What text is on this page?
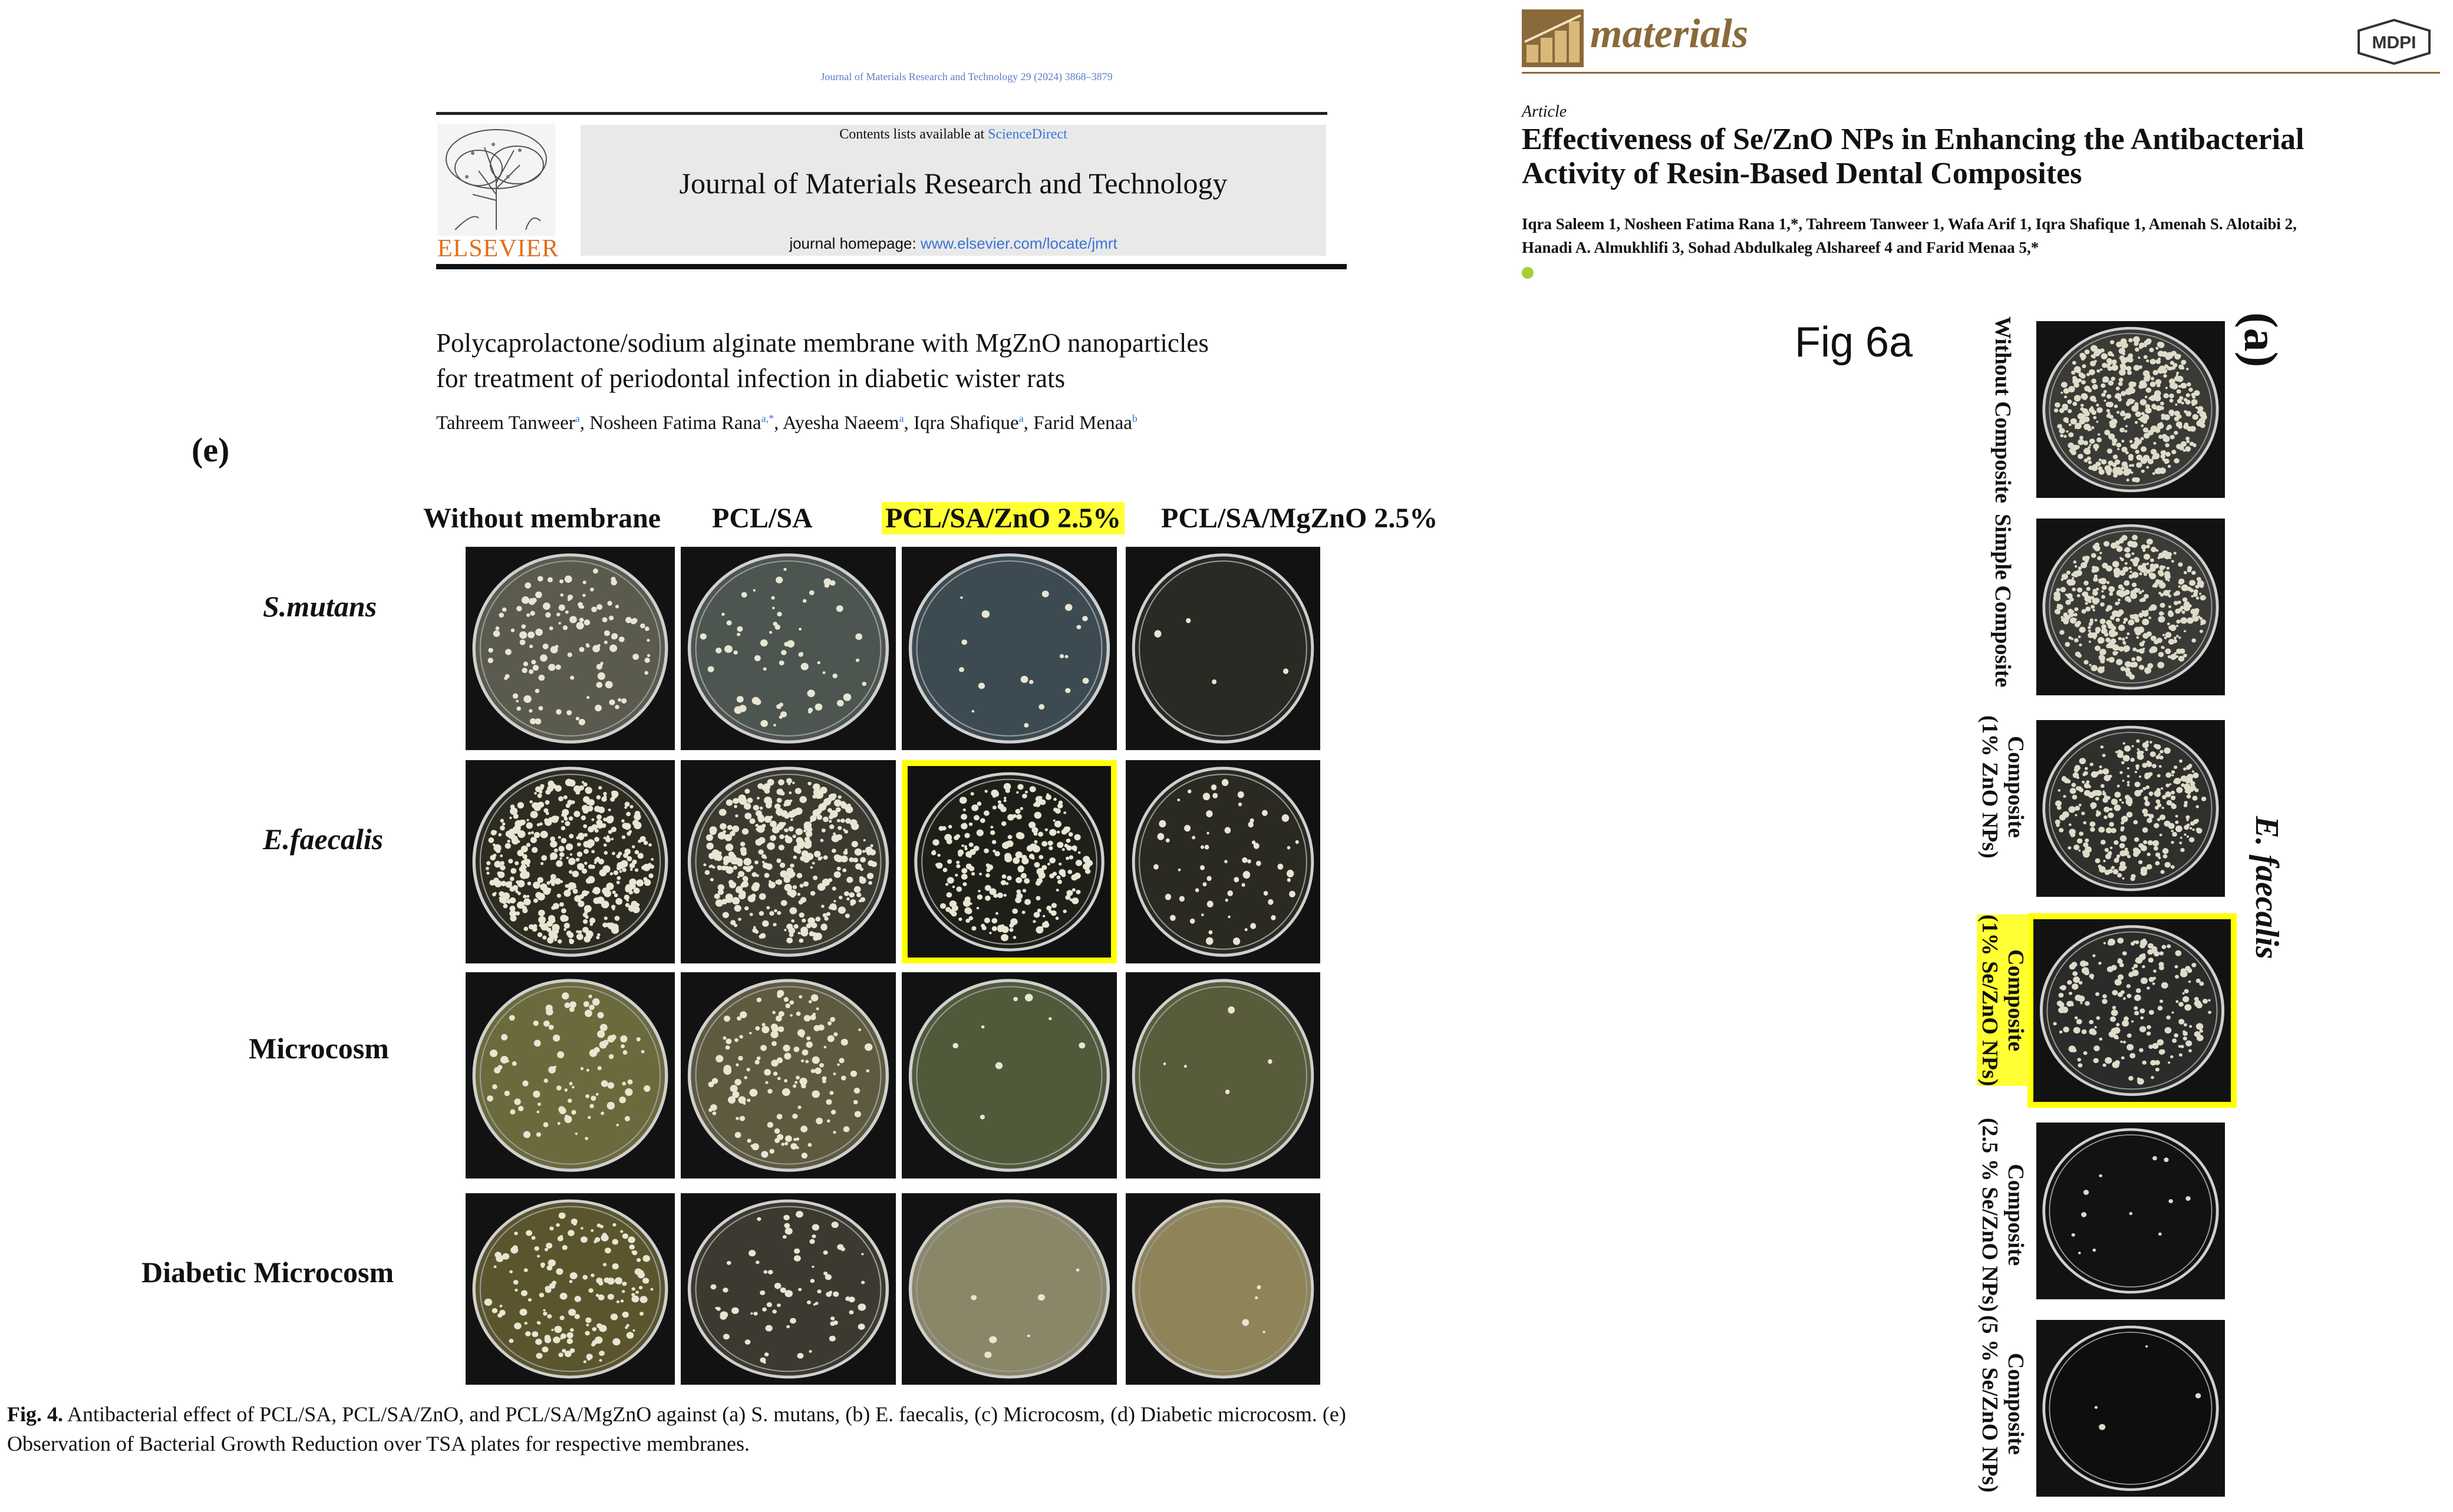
Journal of Materials Research and Technology 29 (2024) 3868–3879
ELSEVIER
Contents lists available at ScienceDirect
Journal of Materials Research and Technology
journal homepage: www.elsevier.com/locate/jmrt
Polycaprolactone/sodium alginate membrane with MgZnO nanoparticles
for treatment of periodontal infection in diabetic wister rats
Tahreem Tanweer$^a$, Nosheen Fatima Rana$^{a,*}$, Ayesha Naeem$^a$, Iqra Shafique$^a$, Farid Menaa$^b$
(e)
Without membrane PCL/SA	PCL/SA/ZnO 2.5% PCL/SA/MgZnO 2.5%
S.mutans
E.faecalis
Microcosm
Diabetic Microcosm
Fig. 4. Antibacterial effect of PCL/SA, PCL/SA/ZnO, and PCL/SA/MgZnO against (a) S. mutans, (b) E. faecalis, (c) Microcosm, (d) Diabetic microcosm. (e)
Observation of Bacterial Growth Reduction over TSA plates for respective membranes.
materials	MDPI
Article
Effectiveness of Se/ZnO NPs in Enhancing the Antibacterial
Activity of Resin-Based Dental Composites
Iqra Saleem 1, Nosheen Fatima Rana 1,*, Tahreem Tanweer 1, Wafa Arif 1, Iqra Shafique 1, Amenah S. Alotaibi 2,
Hanadi A. Almukhlifi 3, Sohad Abdulkaleg Alshareef 4 and Farid Menaa 5,*
Fig 6a	(a)
E. faecalis
Without Composite
Simple Composite
Composite
(1% ZnO NPs)
Composite
(1% Se/ZnO NPs)
Composite
(2.5 % Se/ZnO NPs)
Composite
(5 % Se/ZnO NPs)
